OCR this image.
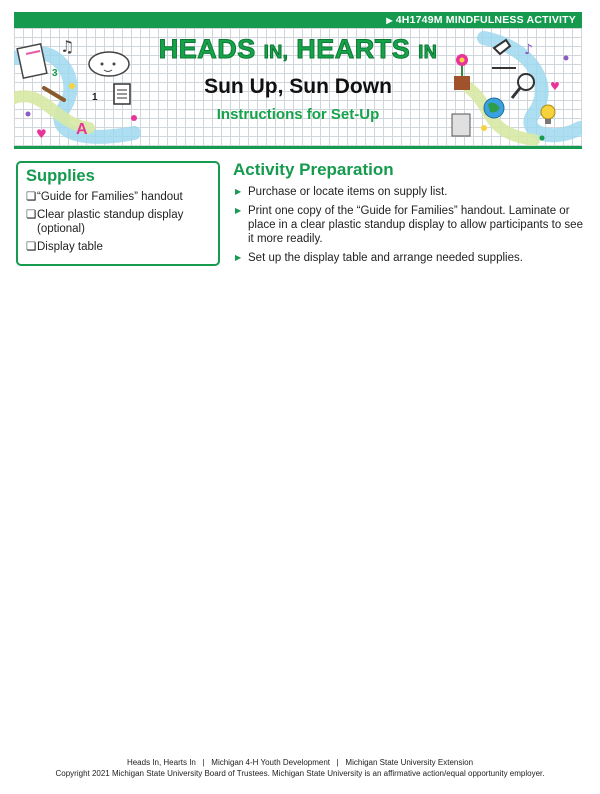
▶ 4H1749M MINDFULNESS ACTIVITY
♫
3
1
A
♥
♪
♥
HEADS IN, HEARTS IN
Sun Up, Sun Down
Instructions for Set-Up
Supplies
❏ “Guide for Families” handout
❏ Clear plastic standup display
(optional)
❏ Display table
Activity Preparation
▶ Purchase or locate items on supply list.
▶ Print one copy of the “Guide for Families” handout. Laminate or place in a clear plastic standup display to allow participants to see it more readily.
▶ Set up the display table and arrange needed supplies.
Heads In, Hearts In   |   Michigan 4-H Youth Development   |   Michigan State University Extension
Copyright 2021 Michigan State University Board of Trustees. Michigan State University is an affirmative action/equal opportunity employer.
